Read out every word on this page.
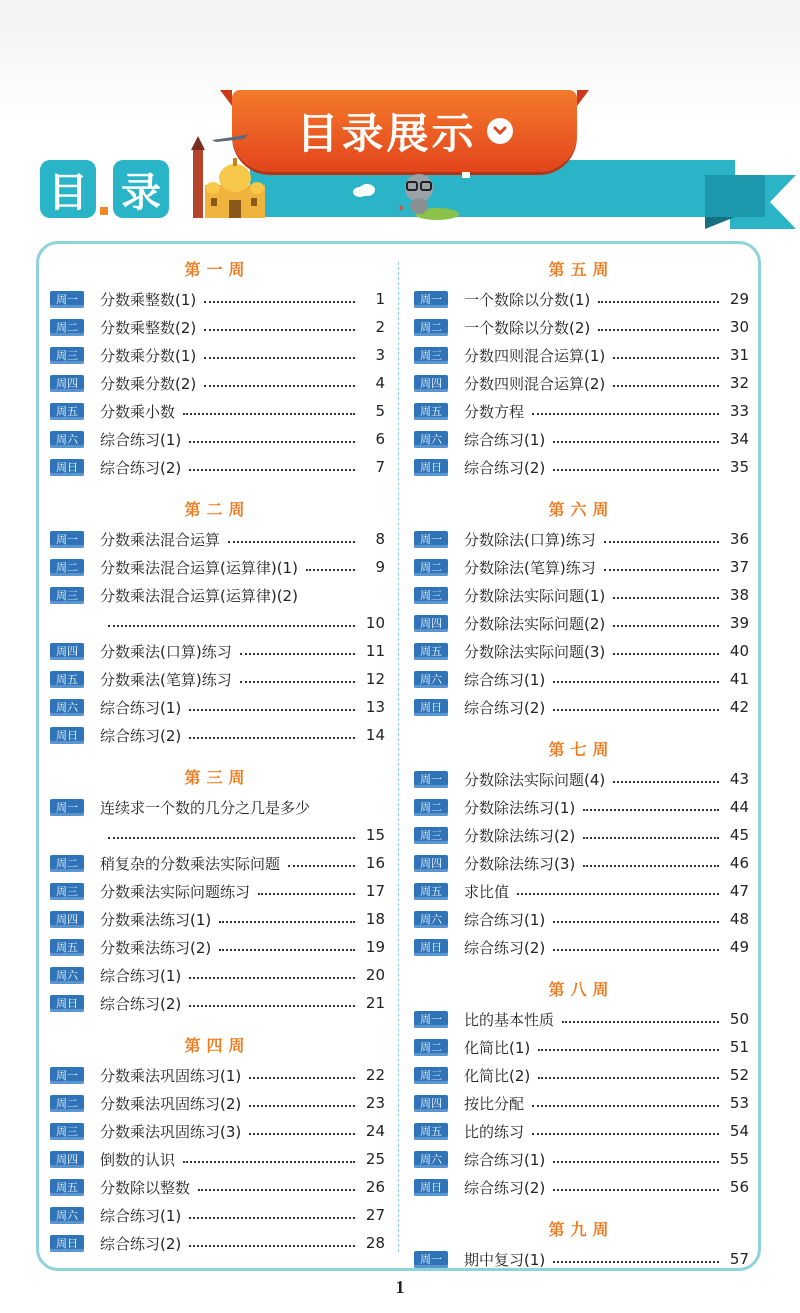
目录展示
目 录
第一周
周一	分数乘整数(1)	1
周二	分数乘整数(2)	2
周三	分数乘分数(1)	3
周四	分数乘分数(2)	4
周五	分数乘小数	5
周六	综合练习(1)	6
周日	综合练习(2)	7
第二周
周一	分数乘法混合运算	8
周二	分数乘法混合运算(运算律)(1)	9
周三	分数乘法混合运算(运算律)(2)
10
周四	分数乘法(口算)练习	11
周五	分数乘法(笔算)练习	12
周六	综合练习(1)	13
周日	综合练习(2)	14
第三周
周一	连续求一个数的几分之几是多少
15
周二	稍复杂的分数乘法实际问题	16
周三	分数乘法实际问题练习	17
周四	分数乘法练习(1)	18
周五	分数乘法练习(2)	19
周六	综合练习(1)	20
周日	综合练习(2)	21
第四周
周一	分数乘法巩固练习(1)	22
周二	分数乘法巩固练习(2)	23
周三	分数乘法巩固练习(3)	24
周四	倒数的认识	25
周五	分数除以整数	26
周六	综合练习(1)	27
周日	综合练习(2)	28
第五周
周一	一个数除以分数(1)	29
周二	一个数除以分数(2)	30
周三	分数四则混合运算(1)	31
周四	分数四则混合运算(2)	32
周五	分数方程	33
周六	综合练习(1)	34
周日	综合练习(2)	35
第六周
周一	分数除法(口算)练习	36
周二	分数除法(笔算)练习	37
周三	分数除法实际问题(1)	38
周四	分数除法实际问题(2)	39
周五	分数除法实际问题(3)	40
周六	综合练习(1)	41
周日	综合练习(2)	42
第七周
周一	分数除法实际问题(4)	43
周二	分数除法练习(1)	44
周三	分数除法练习(2)	45
周四	分数除法练习(3)	46
周五	求比值	47
周六	综合练习(1)	48
周日	综合练习(2)	49
第八周
周一	比的基本性质	50
周二	化简比(1)	51
周三	化简比(2)	52
周四	按比分配	53
周五	比的练习	54
周六	综合练习(1)	55
周日	综合练习(2)	56
第九周
周一	期中复习(1)	57
1
